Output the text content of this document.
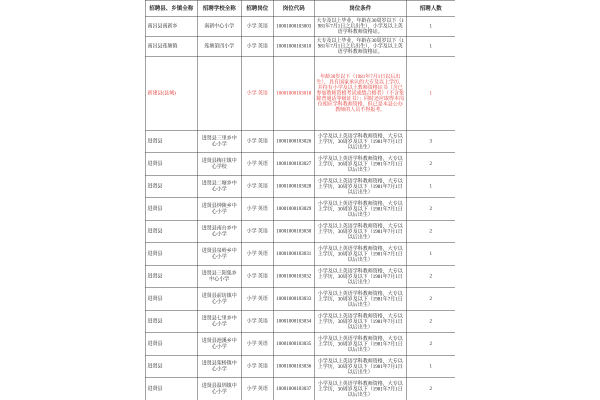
招聘县、乡镇全称	招聘学校全称	招聘岗位	岗位代码	岗位条件	招聘人数
南昌县南新乡	南新中心小学	小学 英语	10001000103003	大专及以上毕业，年龄在30周岁以下（1981年7月1日之后出生），小学及以上英语学科教师资格证。	1
南昌县莲塘镇	莲塘第四小学	小学 英语	10001000103010	大专及以上毕业，年龄在30周岁以下（1981年7月1日之后出生），小学及以上英语学科教师资格证。	1
新建县(县城)		小学 英语	10001000103018	年龄30岁以下（1981年7月1日以后出生），具有国家承认的大专及以上学历，并持有小学及以上教师资格证书（含已参加教师资格考试成绩合格者）（不含免除普通话等级证书）；同时还应取得本岗位相应学科教师资格，但已是本县公办教师的人员不得报考。	1
进贤县	进贤县三里乡中心小学	小学 英语	10001000103026	小学及以上英语学科教师资格，大专以上学历，30周岁及以下（1981年7月1日以后出生）	3
进贤县	进贤县梅庄镇中心学校	小学 英语	10001000103027	小学及以上英语学科教师资格，大专以上学历，30周岁及以下（1981年7月1日以后出生）	2
进贤县	进贤县二塘乡中心小学	小学 英语	10001000103028	小学及以上英语学科教师资格，大专以上学历，30周岁及以下（1981年7月1日以后出生）	1
进贤县	进贤县钟陵乡中心小学	小学 英语	10001000103029	小学及以上英语学科教师资格，大专以上学历，30周岁及以下（1981年7月1日以后出生）	2
进贤县	进贤县南台乡中心小学	小学 英语	10001000103030	小学及以上英语学科教师资格，大专以上学历，30周岁及以下（1981年7月1日以后出生）	2
进贤县	进贤县泉岭乡中心小学	小学 英语	10001000103031	小学及以上英语学科教师资格，大专以上学历，30周岁及以下（1981年7月1日以后出生）	1
进贤县	进贤县三阳集乡中心小学	小学 英语	10001000103032	小学及以上英语学科教师资格，大专以上学历，30周岁及以下（1981年7月1日以后出生）	2
进贤县	进贤县前坊镇中心小学	小学 英语	10001000103033	小学及以上英语学科教师资格，大专以上学历，30周岁及以下（1981年7月1日以后出生）	2
进贤县	进贤县七里乡中心小学	小学 英语	10001000103034	小学及以上英语学科教师资格，大专以上学历，30周岁及以下（1981年7月1日以后出生）	2
进贤县	进贤县池溪乡中心小学	小学 英语	10001000103035	小学及以上英语学科教师资格，大专以上学历，30周岁及以下（1981年7月1日以后出生）	2
进贤县	进贤县架桥镇中心小学	小学 英语	10001000103036	小学及以上英语学科教师资格，大专以上学历，30周岁及以下（1981年7月1日以后出生）	1
进贤县	进贤县温圳镇中心小学	小学 英语	10001000103037	小学及以上英语学科教师资格，大专以上学历，30周岁及以下（1981年7月1日以后出生）	2
